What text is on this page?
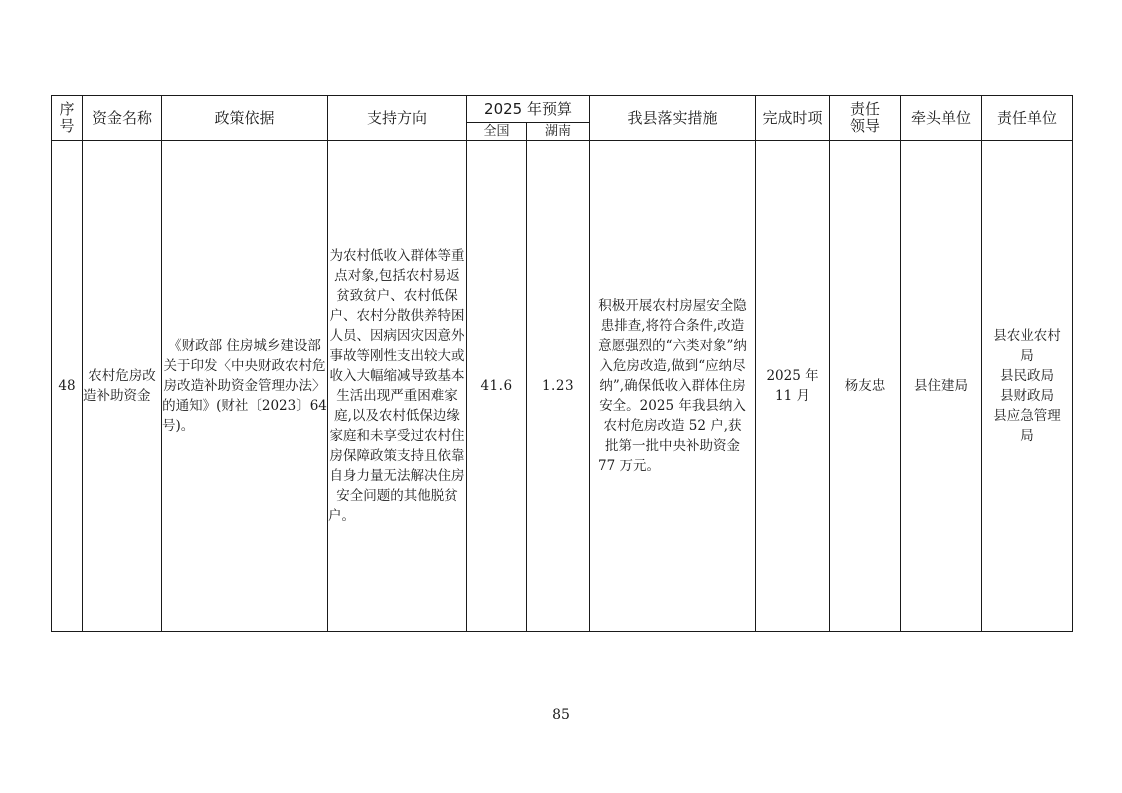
序号	资金名称	政策依据	支持方向	2025 年预算		我县落实措施	完成时项	责任领导	牵头单位	责任单位
				全国	湖南					
48	农村危房改造补助资金	《财政部 住房城乡建设部关于印发〈中央财政农村危房改造补助资金管理办法〉的通知》(财社〔2023〕64号)。	为农村低收入群体等重点对象,包括农村易返贫致贫户、农村低保户、农村分散供养特困人员、因病因灾因意外事故等刚性支出较大或收入大幅缩减导致基本生活出现严重困难家庭,以及农村低保边缘家庭和未享受过农村住房保障政策支持且依靠自身力量无法解决住房安全问题的其他脱贫户。	41.6	1.23	积极开展农村房屋安全隐患排查,将符合条件,改造意愿强烈的“六类对象”纳入危房改造,做到“应纳尽纳”,确保低收入群体住房安全。2025 年我县纳入农村危房改造 52 户,获批第一批中央补助资金 77 万元。	2025 年 11 月	杨友忠	县住建局	县农业农村局
县民政局
县财政局
县应急管理局
85
